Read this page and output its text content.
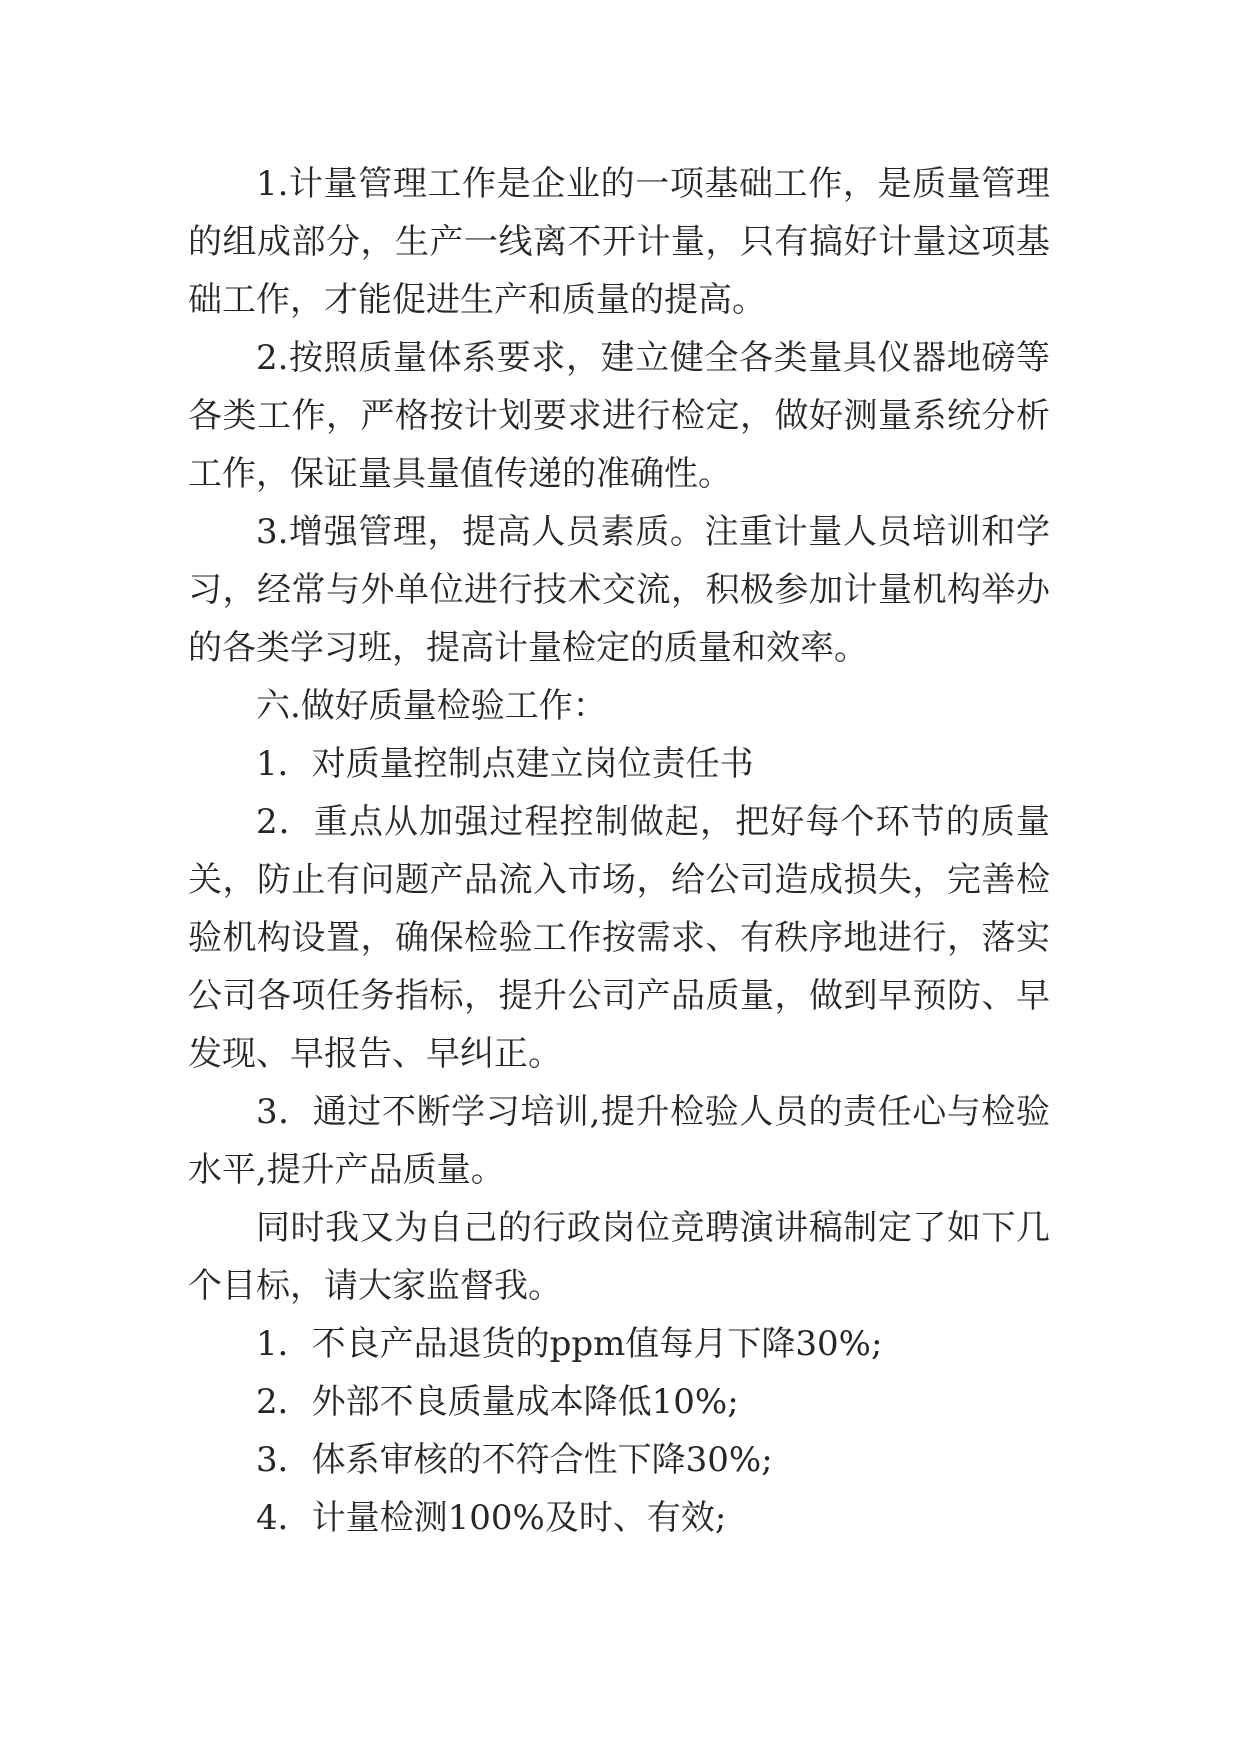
1.计量管理工作是企业的一项基础工作，是质量管理的组成部分，生产一线离不开计量，只有搞好计量这项基础工作，才能促进生产和质量的提高。

2.按照质量体系要求，建立健全各类量具仪器地磅等各类工作，严格按计划要求进行检定，做好测量系统分析工作，保证量具量值传递的准确性。

3.增强管理，提高人员素质。注重计量人员培训和学习，经常与外单位进行技术交流，积极参加计量机构举办的各类学习班，提高计量检定的质量和效率。

六.做好质量检验工作：

1．对质量控制点建立岗位责任书

2．重点从加强过程控制做起，把好每个环节的质量关，防止有问题产品流入市场，给公司造成损失，完善检验机构设置，确保检验工作按需求、有秩序地进行，落实公司各项任务指标，提升公司产品质量，做到早预防、早发现、早报告、早纠正。

3．通过不断学习培训,提升检验人员的责任心与检验水平,提升产品质量。

同时我又为自己的行政岗位竞聘演讲稿制定了如下几个目标，请大家监督我。

1．不良产品退货的ppm值每月下降30%;

2．外部不良质量成本降低10%;

3．体系审核的不符合性下降30%;

4．计量检测100%及时、有效;
